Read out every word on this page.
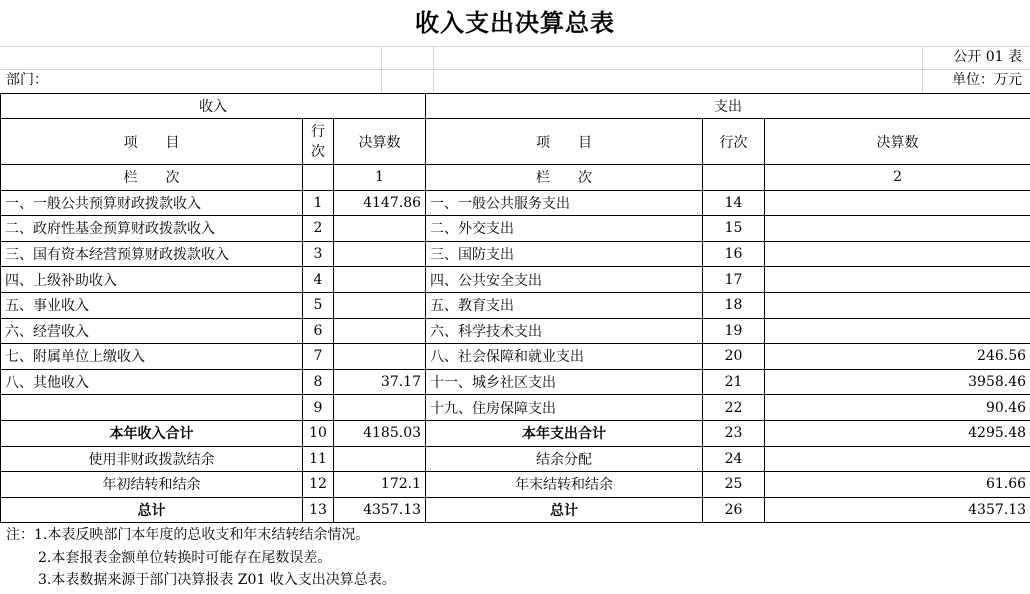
收入支出决算总表
公开 01 表
部门：	单位：万元
收入			支出		
项　　目	行次	决算数	项　　目	行次	决算数
栏　　次		1	栏　　次		2
一、一般公共预算财政拨款收入	1	4147.86	一、一般公共服务支出	14	
二、政府性基金预算财政拨款收入	2		二、外交支出	15	
三、国有资本经营预算财政拨款收入	3		三、国防支出	16	
四、上级补助收入	4		四、公共安全支出	17	
五、事业收入	5		五、教育支出	18	
六、经营收入	6		六、科学技术支出	19	
七、附属单位上缴收入	7		八、社会保障和就业支出	20	246.56
八、其他收入	8	37.17	十一、城乡社区支出	21	3958.46
	9		十九、住房保障支出	22	90.46
本年收入合计	10	4185.03	本年支出合计	23	4295.48
使用非财政拨款结余	11		结余分配	24	
年初结转和结余	12	172.1	年末结转和结余	25	61.66
总计	13	4357.13	总计	26	4357.13
注：1.本表反映部门本年度的总收支和年末结转结余情况。
2.本套报表金额单位转换时可能存在尾数误差。
3.本表数据来源于部门决算报表 Z01 收入支出决算总表。
